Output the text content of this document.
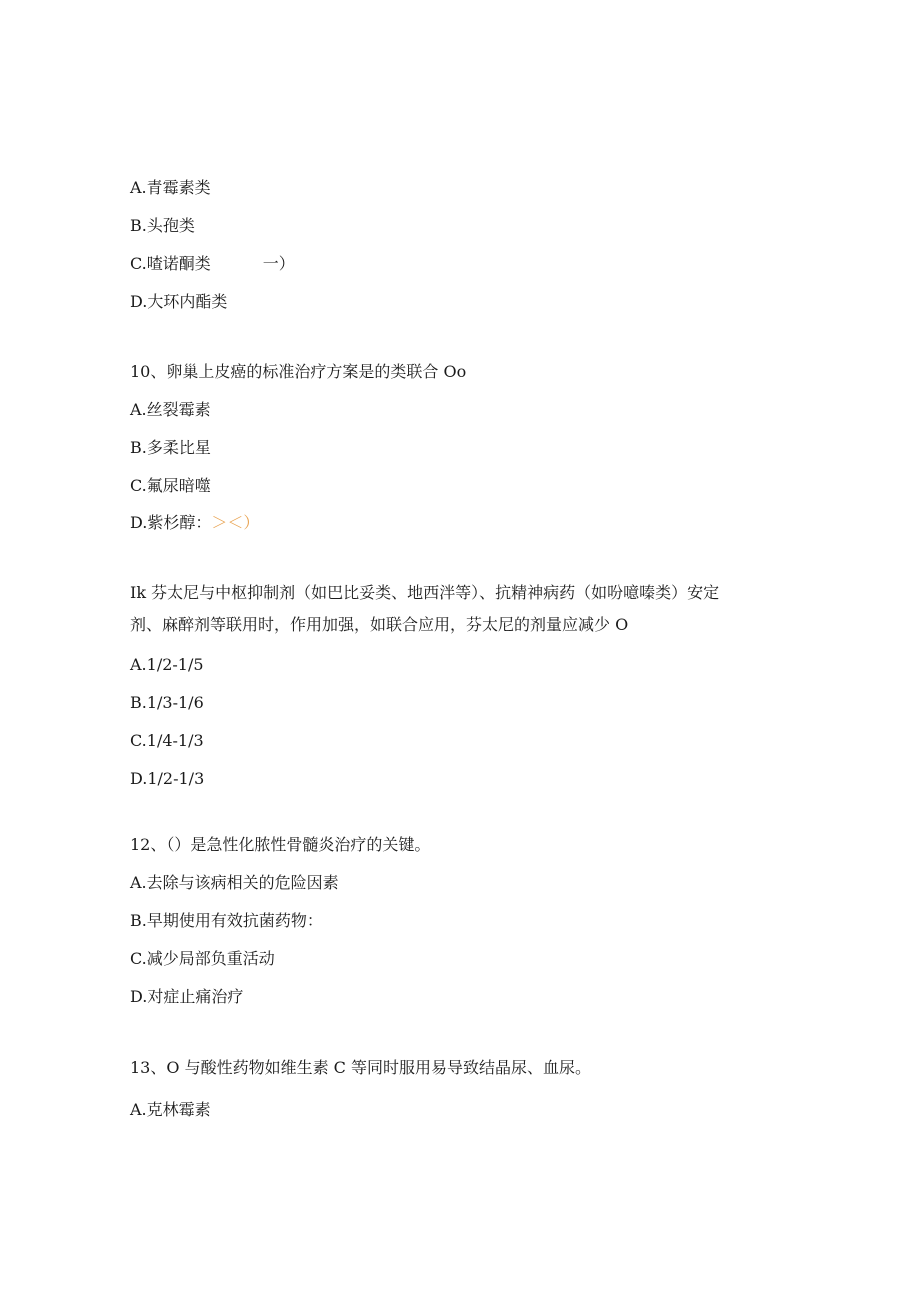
A.青霉素类
B.头孢类
C.喳诺酮类	一）
D.大环内酯类
10、卵巢上皮癌的标准治疗方案是的类联合 Oo
A.丝裂霉素
B.多柔比星
C.氟尿暗噬
D.紫杉醇：＞＜）
Ik 芬太尼与中枢抑制剂（如巴比妥类、地西泮等）、抗精神病药（如吩噫嗪类）安定
剂、麻醉剂等联用时，作用加强，如联合应用，芬太尼的剂量应减少 O
A.1/2-1/5
B.1/3-1/6
C.1/4-1/3
D.1/2-1/3
12、（）是急性化脓性骨髓炎治疗的关键。
A.去除与该病相关的危险因素
B.早期使用有效抗菌药物：
C.减少局部负重活动
D.对症止痛治疗
13、O 与酸性药物如维生素 C 等同时服用易导致结晶尿、血尿。
A.克林霉素
